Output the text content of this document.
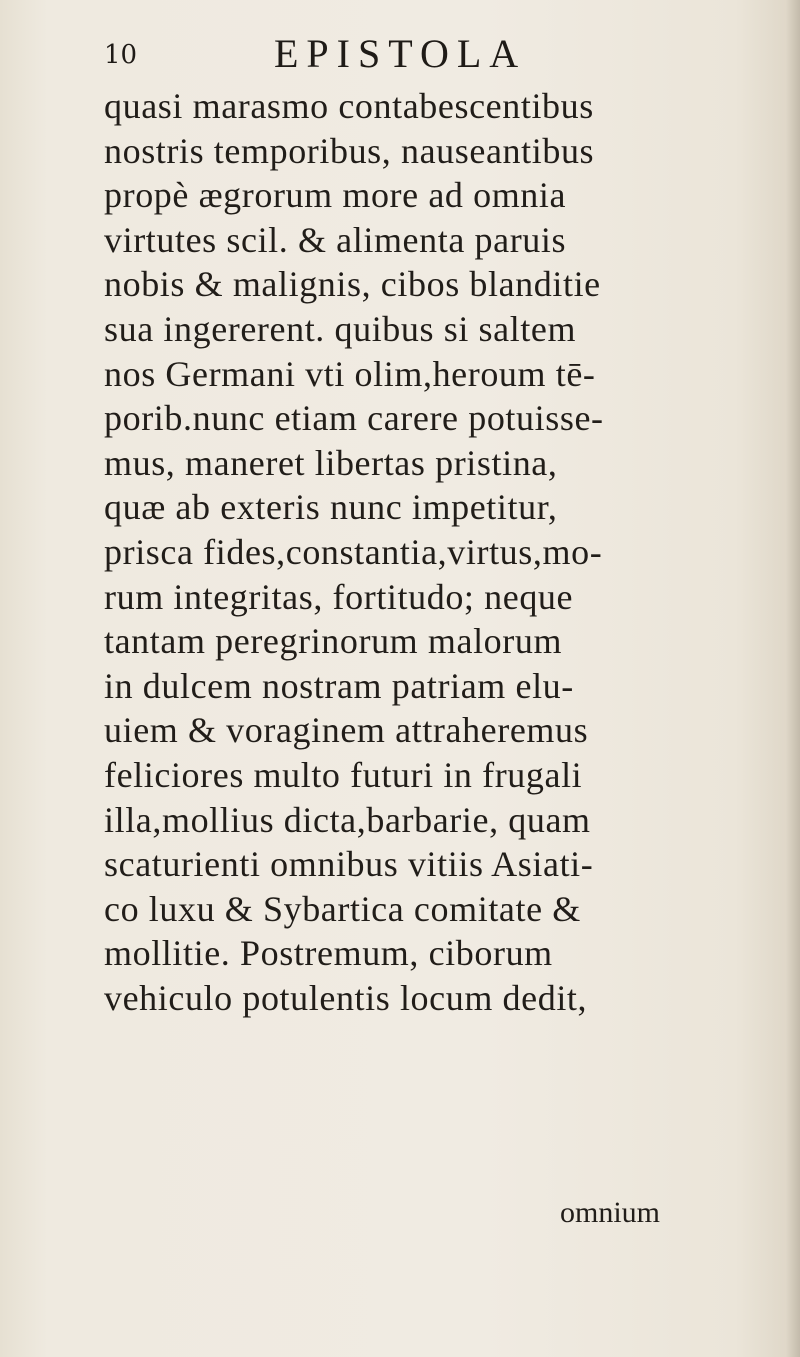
10	EPISTOLA
quasi marasmo contabescentibus
nostris temporibus, nauseantibus
propè ægrorum more ad omnia
virtutes scil. & alimenta paruis
nobis & malignis, cibos blanditie
sua ingererent. quibus si saltem
nos Germani vti olim,heroum tē-
porib.nunc etiam carere potuisse-
mus, maneret libertas pristina,
quæ ab exteris nunc impetitur,
prisca fides,constantia,virtus,mo-
rum integritas, fortitudo; neque
tantam peregrinorum malorum
in dulcem nostram patriam elu-
uiem & voraginem attraheremus
feliciores multo futuri in frugali
illa,mollius dicta,barbarie, quam
scaturienti omnibus vitiis Asiati-
co luxu & Sybartica comitate &
mollitie. Postremum, ciborum
vehiculo potulentis locum dedit,
omnium
